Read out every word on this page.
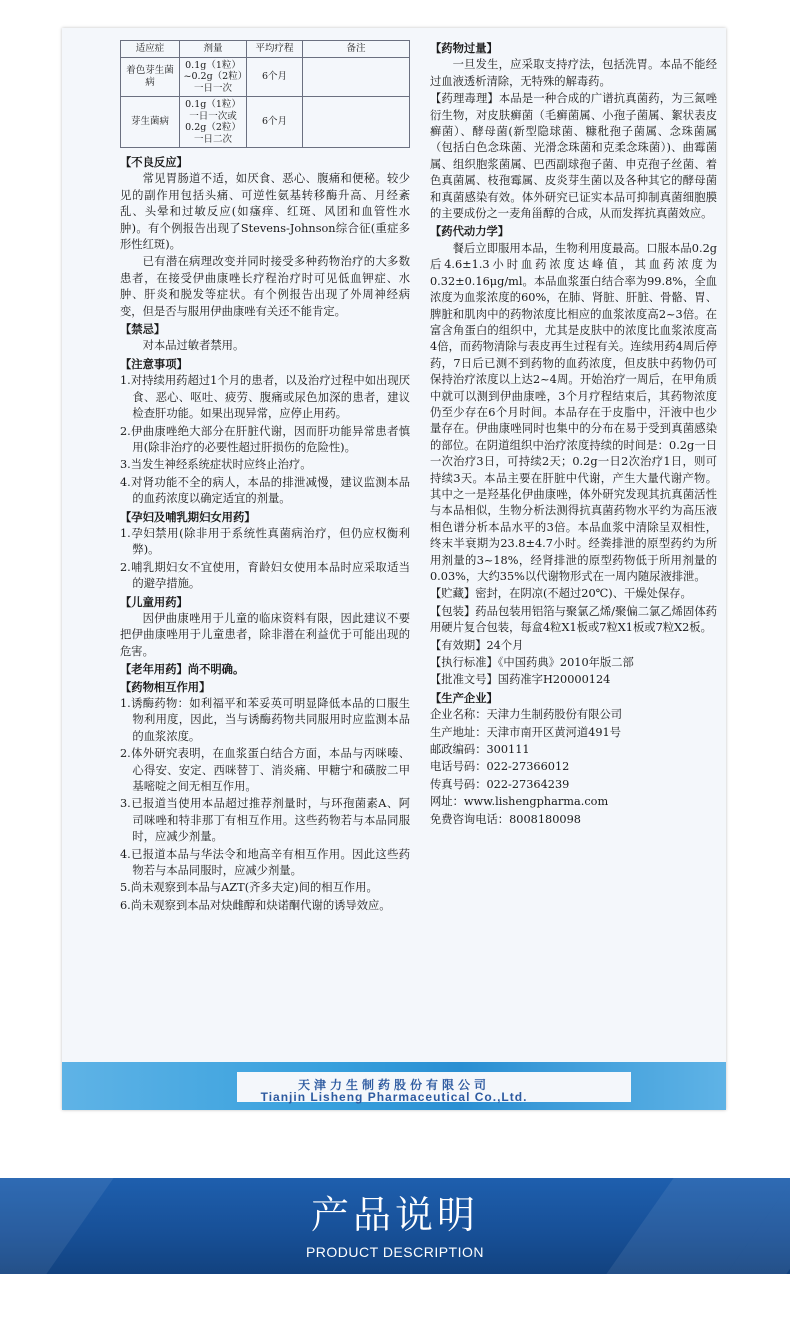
适应症	剂量	平均疗程	备注
着色芽生菌病	0.1g（1粒）~0.2g（2粒）一日一次	6个月	
芽生菌病	0.1g（1粒）一日一次或0.2g（2粒）一日二次	6个月	

【不良反应】

常见胃肠道不适，如厌食、恶心、腹痛和便秘。较少见的副作用包括头痛、可逆性氨基转移酶升高、月经紊乱、头晕和过敏反应(如瘙痒、红斑、风团和血管性水肿)。有个例报告出现了Stevens-Johnson综合征(重症多形性红斑)。

已有潜在病理改变并同时接受多种药物治疗的大多数患者，在接受伊曲康唑长疗程治疗时可见低血钾症、水肿、肝炎和脱发等症状。有个例报告出现了外周神经病变，但是否与服用伊曲康唑有关还不能肯定。

【禁忌】

对本品过敏者禁用。

【注意事项】

1.对持续用药超过1个月的患者，以及治疗过程中如出现厌食、恶心、呕吐、疲劳、腹痛或尿色加深的患者，建议检查肝功能。如果出现异常，应停止用药。

2.伊曲康唑绝大部分在肝脏代谢，因而肝功能异常患者慎用(除非治疗的必要性超过肝损伤的危险性)。

3.当发生神经系统症状时应终止治疗。

4.对肾功能不全的病人，本品的排泄减慢，建议监测本品的血药浓度以确定适宜的剂量。

【孕妇及哺乳期妇女用药】

1.孕妇禁用(除非用于系统性真菌病治疗，但仍应权衡利弊)。

2.哺乳期妇女不宜使用，育龄妇女使用本品时应采取适当的避孕措施。

【儿童用药】

因伊曲康唑用于儿童的临床资料有限，因此建议不要把伊曲康唑用于儿童患者，除非潜在利益优于可能出现的危害。

【老年用药】尚不明确。

【药物相互作用】

1.诱酶药物：如利福平和苯妥英可明显降低本品的口服生物利用度，因此，当与诱酶药物共同服用时应监测本品的血浆浓度。

2.体外研究表明，在血浆蛋白结合方面，本品与丙咪嗪、心得安、安定、西咪替丁、消炎痛、甲糖宁和磺胺二甲基嘧啶之间无相互作用。

3.已报道当使用本品超过推荐剂量时，与环孢菌素A、阿司咪唑和特非那丁有相互作用。这些药物若与本品同服时，应减少剂量。

4.已报道本品与华法令和地高辛有相互作用。因此这些药物若与本品同服时，应减少剂量。

5.尚未观察到本品与AZT(齐多夫定)间的相互作用。

6.尚未观察到本品对炔雌醇和炔诺酮代谢的诱导效应。

【药物过量】

一旦发生，应采取支持疗法，包括洗胃。本品不能经过血液透析清除，无特殊的解毒药。

【药理毒理】本品是一种合成的广谱抗真菌药，为三氮唑衍生物，对皮肤癣菌（毛癣菌属、小孢子菌属、絮状表皮癣菌）、酵母菌(新型隐球菌、糠秕孢子菌属、念珠菌属（包括白色念珠菌、光滑念珠菌和克柔念珠菌）)、曲霉菌属、组织胞浆菌属、巴西副球孢子菌、申克孢子丝菌、着色真菌属、枝孢霉属、皮炎芽生菌以及各种其它的酵母菌和真菌感染有效。体外研究已证实本品可抑制真菌细胞膜的主要成份之一麦角甾醇的合成，从而发挥抗真菌效应。

【药代动力学】

餐后立即服用本品，生物利用度最高。口服本品0.2g后4.6±1.3小时血药浓度达峰值，其血药浓度为0.32±0.16μg/ml。本品血浆蛋白结合率为99.8%，全血浓度为血浆浓度的60%，在肺、肾脏、肝脏、骨骼、胃、脾脏和肌肉中的药物浓度比相应的血浆浓度高2~3倍。在富含角蛋白的组织中，尤其是皮肤中的浓度比血浆浓度高4倍，而药物清除与表皮再生过程有关。连续用药4周后停药，7日后已测不到药物的血药浓度，但皮肤中药物仍可保持治疗浓度以上达2~4周。开始治疗一周后，在甲角质中就可以测到伊曲康唑，3个月疗程结束后，其药物浓度仍至少存在6个月时间。本品存在于皮脂中，汗液中也少量存在。伊曲康唑同时也集中的分布在易于受到真菌感染的部位。在阴道组织中治疗浓度持续的时间是：0.2g一日一次治疗3日，可持续2天；0.2g一日2次治疗1日，则可持续3天。本品主要在肝脏中代谢，产生大量代谢产物。其中之一是羟基化伊曲康唑，体外研究发现其抗真菌活性与本品相似，生物分析法测得抗真菌药物水平约为高压液相色谱分析本品水平的3倍。本品血浆中清除呈双相性，终末半衰期为23.8±4.7小时。经粪排泄的原型药约为所用剂量的3~18%，经肾排泄的原型药物低于所用剂量的0.03%，大约35%以代谢物形式在一周内随尿液排泄。

【贮藏】密封，在阴凉(不超过20℃)、干燥处保存。

【包装】药品包装用铝箔与聚氯乙烯/聚偏二氯乙烯固体药用硬片复合包装，每盒4粒X1板或7粒X1板或7粒X2板。

【有效期】24个月

【执行标准】《中国药典》2010年版二部

【批准文号】国药准字H20000124

【生产企业】

企业名称：天津力生制药股份有限公司

生产地址：天津市南开区黄河道491号

邮政编码：300111

电话号码：022-27366012

传真号码：022-27364239

网址：www.lishengpharma.com

免费咨询电话：8008180098

天津力生制药股份有限公司
Tianjin Lisheng Pharmaceutical Co.,Ltd.
产品说明
PRODUCT DESCRIPTION
